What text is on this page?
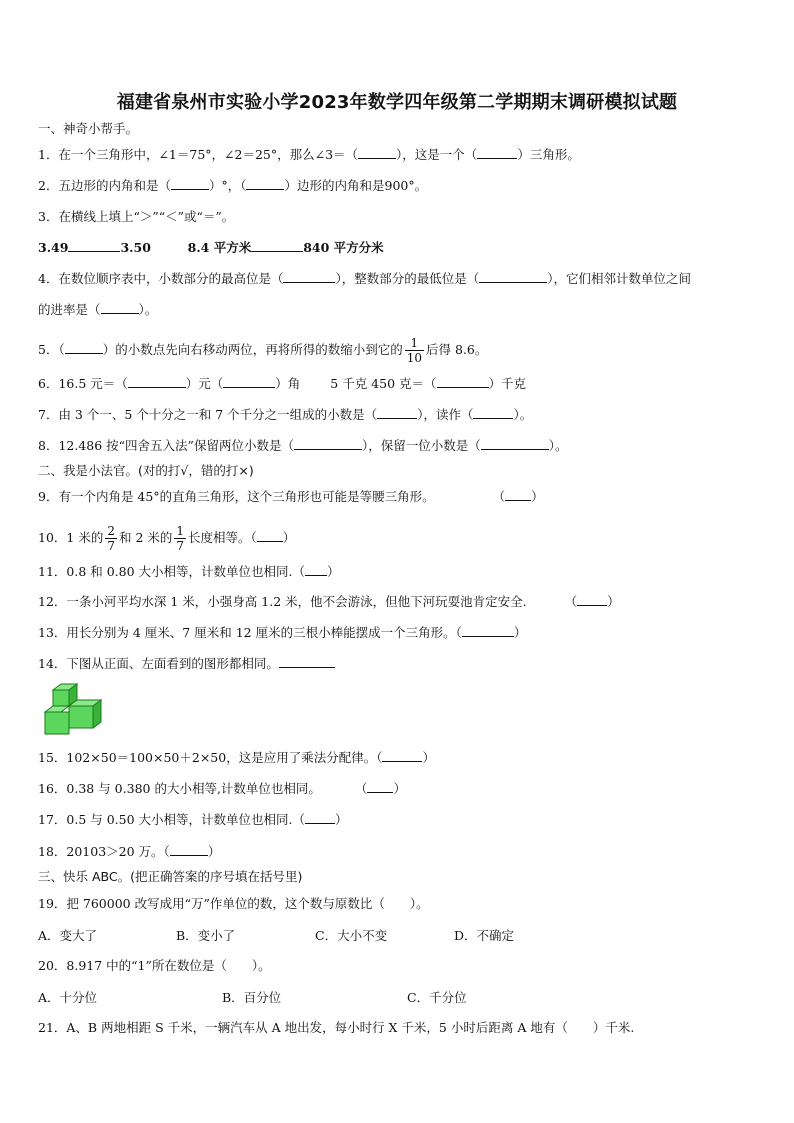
福建省泉州市实验小学2023年数学四年级第二学期期末调研模拟试题
一、神奇小帮手。
1．在一个三角形中，∠1＝75°，∠2＝25°，那么∠3＝（	），这是一个（	）三角形。
2．五边形的内角和是（	）°，（	）边形的内角和是900°。
3．在横线上填上“＞”“＜”或“＝”。
3.49	3.50	8.4 平方米	840 平方分米
4．在数位顺序表中，小数部分的最高位是（	），整数部分的最低位是（	），它们相邻计数单位之间
的进率是（	）。
5．（	）的小数点先向右移动两位，再将所得的数缩小到它的 $\frac{1}{10}$ 后得 8.6。
6．16.5 元＝（	）元（	）角 5 千克 450 克＝（	）千克
7．由 3 个一、5 个十分之一和 7 个千分之一组成的小数是（	），读作（	）。
8．12.486 按“四舍五入法”保留两位小数是（	），保留一位小数是（	）。
二、我是小法官。(对的打√，错的打×)
9．有一个内角是 45°的直角三角形，这个三角形也可能是等腰三角形。	（ ）
10．1 米的 $\frac{2}{7}$ 和 2 米的 $\frac{1}{7}$ 长度相等。（ ）
11．0.8 和 0.80 大小相等，计数单位也相同.（ ）
12．一条小河平均水深 1 米，小强身高 1.2 米，他不会游泳，但他下河玩耍池肯定安全.	（ ）
13．用长分别为 4 厘米、7 厘米和 12 厘米的三根小棒能摆成一个三角形。（	）
14．下图从正面、左面看到的图形都相同。
15．102×50＝100×50＋2×50，这是应用了乘法分配律。（	）
16．0.38 与 0.380 的大小相等,计数单位也相同。	（ ）
17．0.5 与 0.50 大小相等，计数单位也相同.（ ）
18．20103＞20 万。（	）
三、快乐 ABC。(把正确答案的序号填在括号里)
19．把 760000 改写成用“万”作单位的数，这个数与原数比（　　）。
A．变大了	B．变小了	C．大小不变	D．不确定
20．8.917 中的“1”所在数位是（　　）。
A．十分位	B．百分位	C．千分位
21．A、B 两地相距 S 千米，一辆汽车从 A 地出发，每小时行 X 千米，5 小时后距离 A 地有（　　）千米.
